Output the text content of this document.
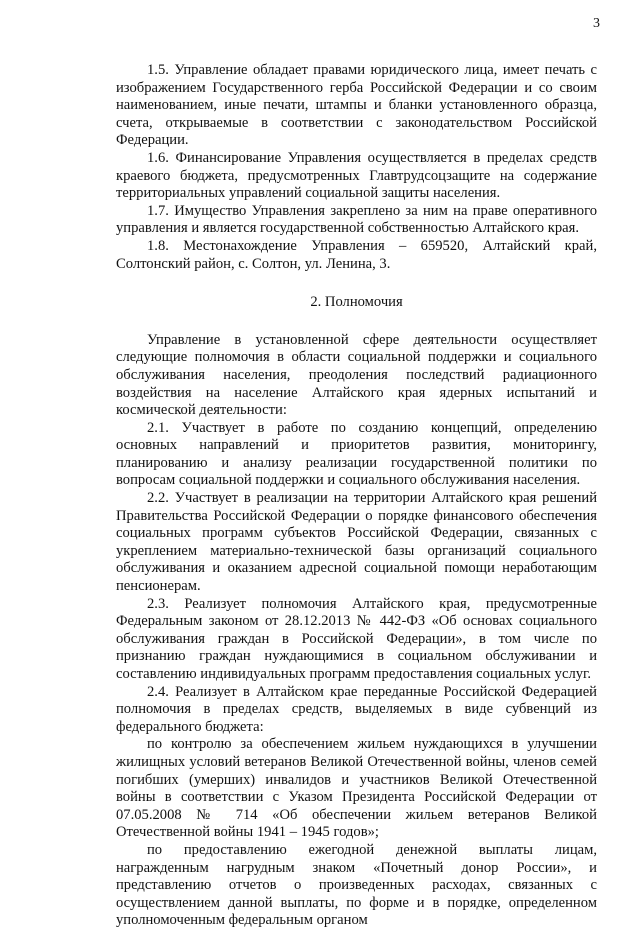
3

1.5. Управление обладает правами юридического лица, имеет печать с изображением Государственного герба Российской Федерации и со своим наименованием, иные печати, штампы и бланки установленного образца, счета, открываемые в соответствии с законодательством Российской Федерации.

1.6. Финансирование Управления осуществляется в пределах средств краевого бюджета, предусмотренных Главтрудсоцзащите на содержание территориальных управлений социальной защиты населения.

1.7. Имущество Управления закреплено за ним на праве оперативного управления и является государственной собственностью Алтайского края.

1.8. Местонахождение Управления – 659520, Алтайский край, Солтонский район, с. Солтон, ул. Ленина, 3.

2. Полномочия

Управление в установленной сфере деятельности осуществляет следующие полномочия в области социальной поддержки и социального обслуживания населения, преодоления последствий радиационного воздействия на население Алтайского края ядерных испытаний и космической деятельности:

2.1. Участвует в работе по созданию концепций, определению основных направлений и приоритетов развития, мониторингу, планированию и анализу реализации государственной политики по вопросам социальной поддержки и социального обслуживания населения.

2.2. Участвует в реализации на территории Алтайского края решений Правительства Российской Федерации о порядке финансового обеспечения социальных программ субъектов Российской Федерации, связанных с укреплением материально-технической базы организаций социального обслуживания и оказанием адресной социальной помощи неработающим пенсионерам.

2.3. Реализует полномочия Алтайского края, предусмотренные Федеральным законом от 28.12.2013 № 442-ФЗ «Об основах социального обслуживания граждан в Российской Федерации», в том числе по признанию граждан нуждающимися в социальном обслуживании и составлению индивидуальных программ предоставления социальных услуг.

2.4. Реализует в Алтайском крае переданные Российской Федерацией полномочия в пределах средств, выделяемых в виде субвенций из федерального бюджета:

по контролю за обеспечением жильем нуждающихся в улучшении жилищных условий ветеранов Великой Отечественной войны, членов семей погибших (умерших) инвалидов и участников Великой Отечественной войны в соответствии с Указом Президента Российской Федерации от 07.05.2008 № 714 «Об обеспечении жильем ветеранов Великой Отечественной войны 1941 – 1945 годов»;

по предоставлению ежегодной денежной выплаты лицам, награжденным нагрудным знаком «Почетный донор России», и представлению отчетов о произведенных расходах, связанных с осуществлением данной выплаты, по форме и в порядке, определенном уполномоченным федеральным органом
